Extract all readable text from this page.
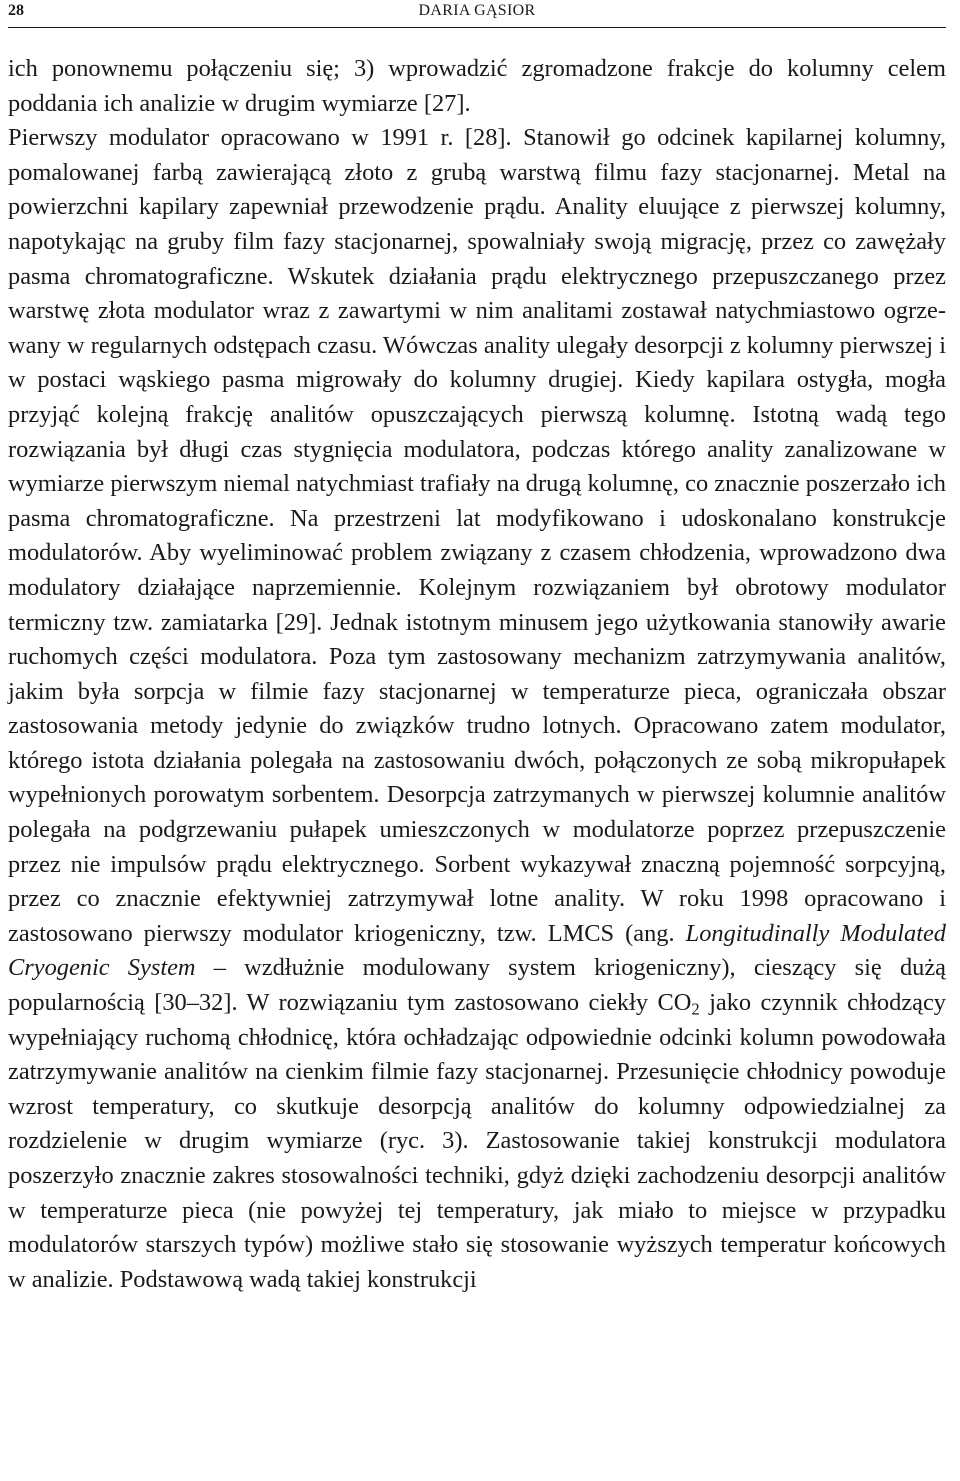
28	DARIA GĄSIOR

ich ponownemu połączeniu się; 3) wprowadzić zgromadzone frakcje do kolumny celem poddania ich analizie w drugim wymiarze [27].

Pierwszy modulator opracowano w 1991 r. [28]. Stanowił go odcinek kapilarnej kolumny, pomalowanej farbą zawierającą złoto z grubą warstwą filmu fazy stacjonarnej. Metal na powierzchni kapilary zapewniał przewodzenie prądu. Anality eluujące z pierwszej kolumny, napotykając na gruby film fazy stacjonarnej, spowalniały swoją migrację, przez co zawężały pasma chromatograficzne. Wskutek działania prądu elektrycznego przepuszczanego przez warstwę złota modulator wraz z zawartymi w nim analitami zostawał natychmiastowo ogrzewany w regularnych odstępach czasu. Wówczas anality ulegały desorpcji z kolumny pierwszej i w postaci wąskiego pasma migrowały do kolumny drugiej. Kiedy kapilara ostygła, mogła przyjąć kolejną frakcję analitów opuszczających pierwszą kolumnę. Istotną wadą tego rozwiązania był długi czas stygnięcia modulatora, podczas którego anality zanalizowane w wymiarze pierwszym niemal natychmiast trafiały na drugą kolumnę, co znacznie poszerzało ich pasma chromatograficzne. Na przestrzeni lat modyfikowano i udoskonalano konstrukcje modulatorów. Aby wyeliminować problem związany z czasem chłodzenia, wprowadzono dwa modulatory działające naprzemiennie. Kolejnym rozwiązaniem był obrotowy modulator termiczny tzw. zamiatarka [29]. Jednak istotnym minusem jego użytkowania stanowiły awarie ruchomych części modulatora. Poza tym zastosowany mechanizm zatrzymywania analitów, jakim była sorpcja w filmie fazy stacjonarnej w temperaturze pieca, ograniczała obszar zastosowania metody jedynie do związków trudno lotnych. Opracowano zatem modulator, którego istota działania polegała na zastosowaniu dwóch, połączonych ze sobą mikropułapek wypełnionych porowatym sorbentem. Desorpcja zatrzymanych w pierwszej kolumnie analitów polegała na podgrzewaniu pułapek umieszczonych w modulatorze poprzez przepuszczenie przez nie impulsów prądu elektrycznego. Sorbent wykazywał znaczną pojemność sorpcyjną, przez co znacznie efektywniej zatrzymywał lotne anality. W roku 1998 opracowano i zastosowano pierwszy modulator kriogeniczny, tzw. LMCS (ang. Longitudinally Modulated Cryogenic System – wzdłużnie modulowany system kriogeniczny), cieszący się dużą popularnością [30–32]. W rozwiązaniu tym zastosowano ciekły $CO_2$ jako czynnik chłodzący wypełniający ruchomą chłodnicę, która ochładzając odpowiednie odcinki kolumn powodowała zatrzymywanie analitów na cienkim filmie fazy stacjonarnej. Przesunięcie chłodnicy powoduje wzrost temperatury, co skutkuje desorpcją analitów do kolumny odpowiedzialnej za rozdzielenie w drugim wymiarze (ryc. 3). Zastosowanie takiej konstrukcji modulatora poszerzyło znacznie zakres stosowalności techniki, gdyż dzięki zachodzeniu desorpcji analitów w temperaturze pieca (nie powyżej tej temperatury, jak miało to miejsce w przypadku modulatorów starszych typów) możliwe stało się stosowanie wyższych temperatur końcowych w analizie. Podstawową wadą takiej konstrukcji
